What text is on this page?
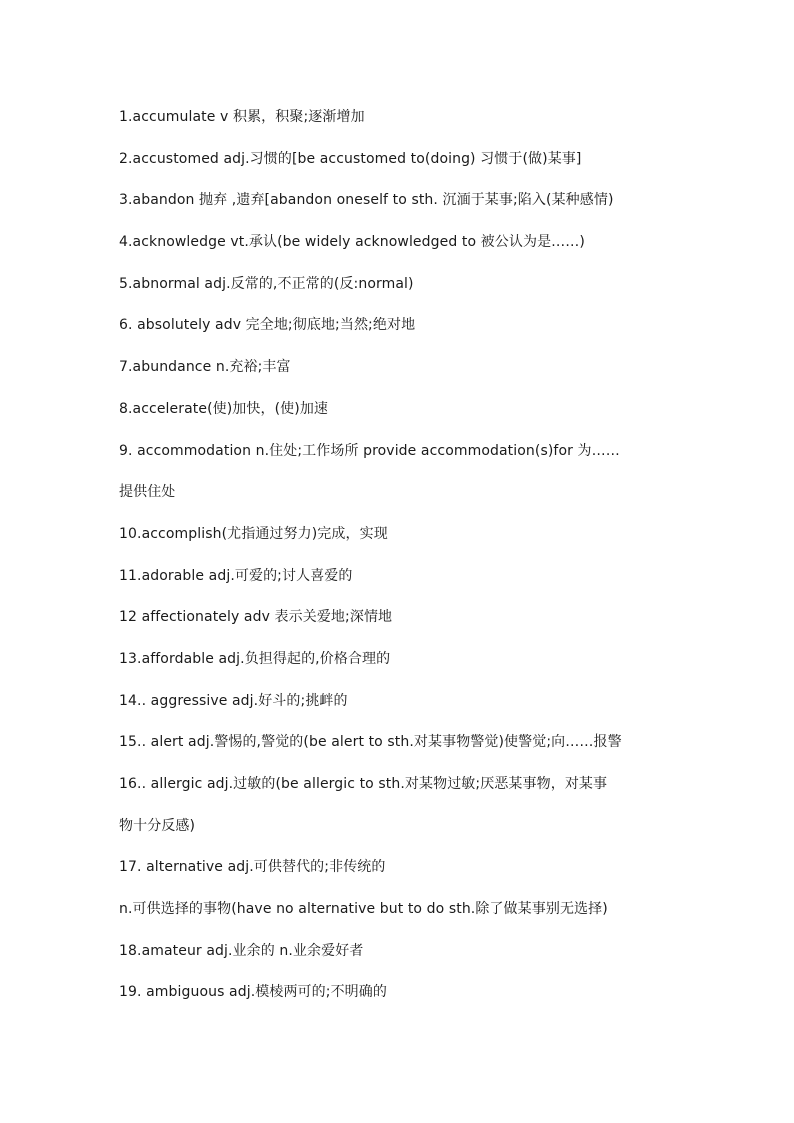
1.accumulate v 积累，积聚;逐渐增加
2.accustomed adj.习惯的[be accustomed to(doing) 习惯于(做)某事]
3.abandon 抛弃 ,遗弃[abandon oneself to sth. 沉湎于某事;陷入(某种感情)
4.acknowledge vt.承认(be widely acknowledged to 被公认为是……)
5.abnormal adj.反常的,不正常的(反:normal)
6. absolutely adv 完全地;彻底地;当然;绝对地
7.abundance n.充裕;丰富
8.accelerate(使)加快，(使)加速
9. accommodation n.住处;工作场所 provide accommodation(s)for 为……
提供住处
10.accomplish(尤指通过努力)完成，实现
11.adorable adj.可爱的;讨人喜爱的
12 affectionately adv 表示关爱地;深情地
13.affordable adj.负担得起的,价格合理的
14.. aggressive adj.好斗的;挑衅的
15.. alert adj.警惕的,警觉的(be alert to sth.对某事物警觉)使警觉;向……报警
16.. allergic adj.过敏的(be allergic to sth.对某物过敏;厌恶某事物，对某事
物十分反感)
17. alternative adj.可供替代的;非传统的
n.可供选择的事物(have no alternative but to do sth.除了做某事别无选择)
18.amateur adj.业余的 n.业余爱好者
19. ambiguous adj.模棱两可的;不明确的
